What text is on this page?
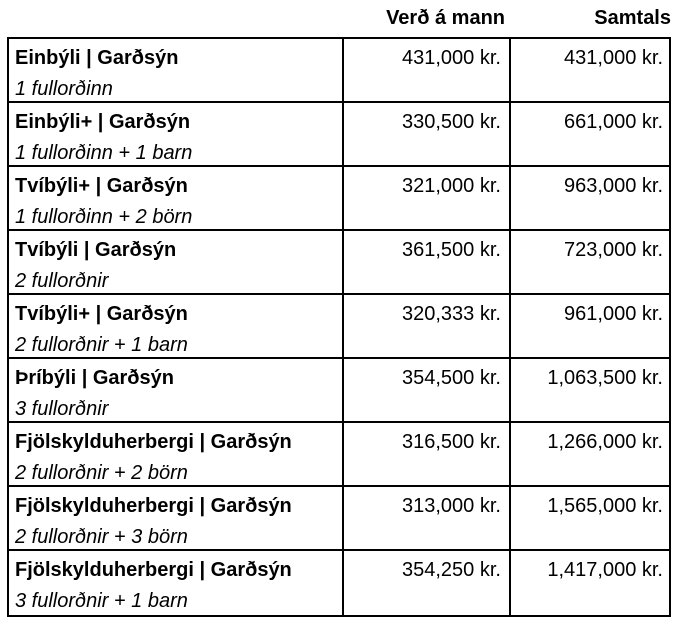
Verð á mann	Samtals
Einbýli | Garðsýn
1 fullorðinn
431,000 kr.	431,000 kr.
Einbýli+ | Garðsýn
1 fullorðinn + 1 barn
330,500 kr.	661,000 kr.
Tvíbýli+ | Garðsýn
1 fullorðinn + 2 börn
321,000 kr.	963,000 kr.
Tvíbýli | Garðsýn
2 fullorðnir
361,500 kr.	723,000 kr.
Tvíbýli+ | Garðsýn
2 fullorðnir + 1 barn
320,333 kr.	961,000 kr.
Þríbýli | Garðsýn
3 fullorðnir
354,500 kr.	1,063,500 kr.
Fjölskylduherbergi | Garðsýn
2 fullorðnir + 2 börn
316,500 kr.	1,266,000 kr.
Fjölskylduherbergi | Garðsýn
2 fullorðnir + 3 börn
313,000 kr.	1,565,000 kr.
Fjölskylduherbergi | Garðsýn
3 fullorðnir + 1 barn
354,250 kr.	1,417,000 kr.
